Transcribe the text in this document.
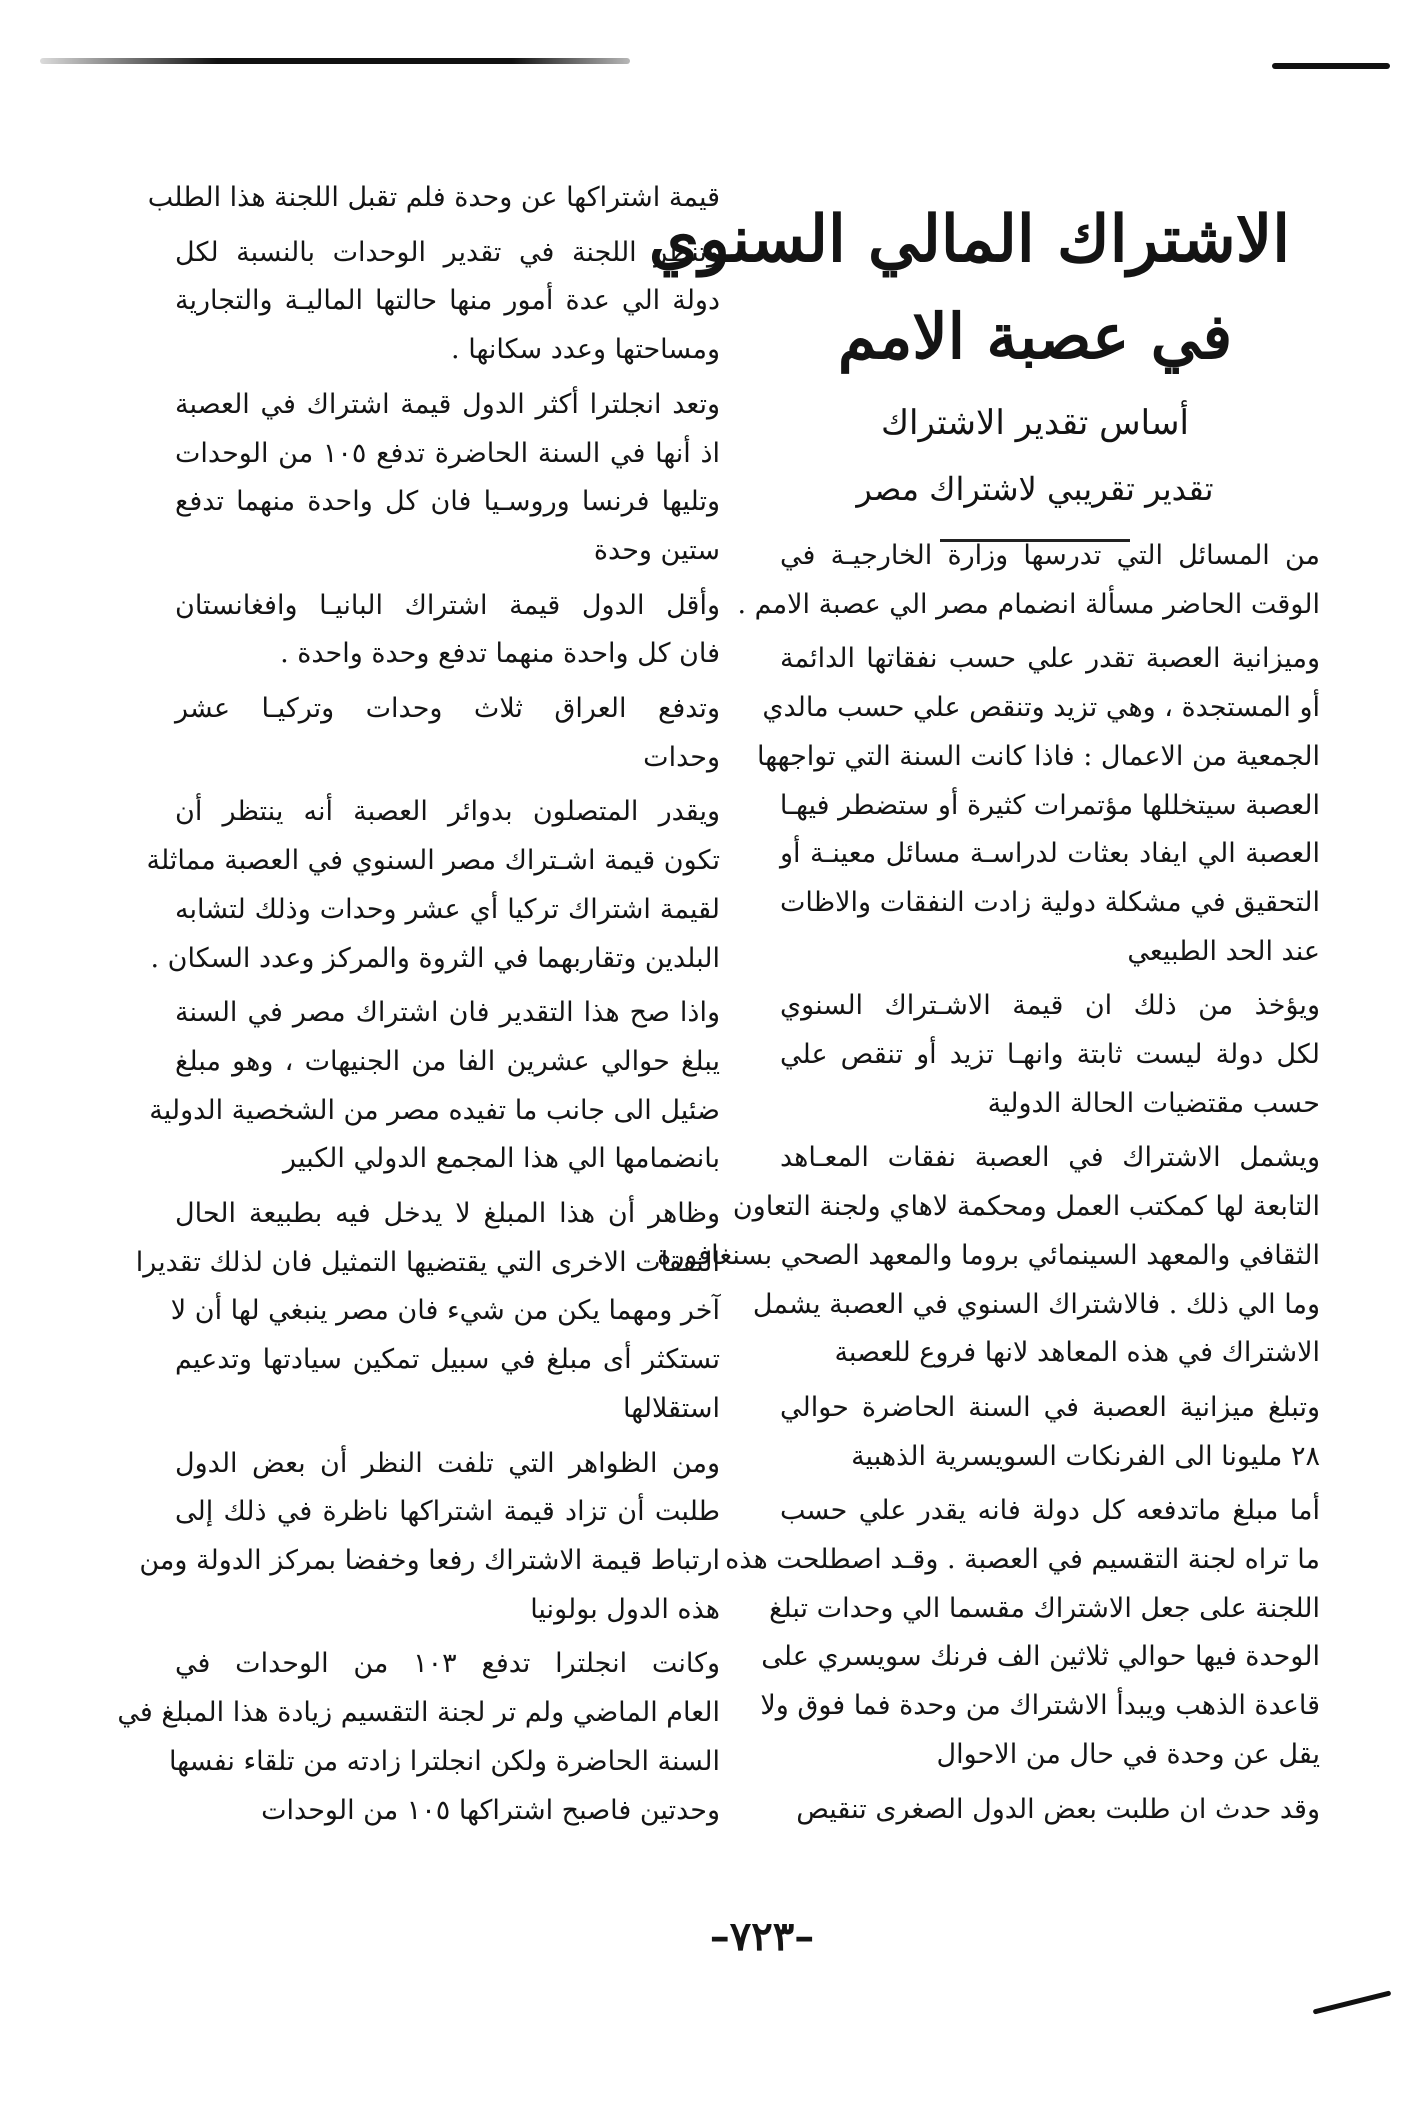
الاشتراك المالي السنوي
في عصبة الامم
أساس تقدير الاشتراك
تقدير تقريبي لاشتراك مصر
من المسائل التي تدرسها وزارة الخارجيـة في
الوقت الحاضر مسألة انضمام مصر الي عصبة الامم .
وميزانية العصبة تقدر علي حسب نفقاتها الدائمة
أو المستجدة ، وهي تزيد وتنقص علي حسب مالدي
الجمعية من الاعمال : فاذا كانت السنة التي تواجهها
العصبة سيتخللها مؤتمرات كثيرة أو ستضطر فيهـا
العصبة الي ايفاد بعثات لدراسـة مسائل معينـة أو
التحقيق في مشكلة دولية زادت النفقات والاظات
عند الحد الطبيعي
ويؤخذ من ذلك ان قيمة الاشـتراك السنوي
لكل دولة ليست ثابتة وانهـا تزيد أو تنقص علي
حسب مقتضيات الحالة الدولية
ويشمل الاشتراك في العصبة نفقات المعـاهد
التابعة لها كمكتب العمل ومحكمة لاهاي ولجنة التعاون
الثقافي والمعهد السينمائي بروما والمعهد الصحي بسنغافورة
وما الي ذلك . فالاشتراك السنوي في العصبة يشمل
الاشتراك في هذه المعاهد لانها فروع للعصبة
وتبلغ ميزانية العصبة في السنة الحاضرة حوالي
٢٨ مليونا الى الفرنكات السويسرية الذهبية
أما مبلغ ماتدفعه كل دولة فانه يقدر علي حسب
ما تراه لجنة التقسيم في العصبة . وقـد اصطلحت هذه
اللجنة على جعل الاشتراك مقسما الي وحدات تبلغ
الوحدة فيها حوالي ثلاثين الف فرنك سويسري على
قاعدة الذهب ويبدأ الاشتراك من وحدة فما فوق ولا
يقل عن وحدة في حال من الاحوال
وقد حدث ان طلبت بعض الدول الصغرى تنقيص
قيمة اشتراكها عن وحدة فلم تقبل اللجنة هذا الطلب
وتنظر اللجنة في تقدير الوحدات بالنسبة لكل
دولة الي عدة أمور منها حالتها الماليـة والتجارية
ومساحتها وعدد سكانها .
وتعد انجلترا أكثر الدول قيمة اشتراك في العصبة
اذ أنها في السنة الحاضرة تدفع ١٠٥ من الوحدات
وتليها فرنسا وروسـيا فان كل واحدة منهما تدفع
ستين وحدة
وأقل الدول قيمة اشتراك البانيـا وافغانستان
فان كل واحدة منهما تدفع وحدة واحدة .
وتدفع العراق ثلاث وحدات وتركيـا عشر
وحدات
ويقدر المتصلون بدوائر العصبة أنه ينتظر أن
تكون قيمة اشـتراك مصر السنوي في العصبة مماثلة
لقيمة اشتراك تركيا أي عشر وحدات وذلك لتشابه
البلدين وتقاربهما في الثروة والمركز وعدد السكان .
واذا صح هذا التقدير فان اشتراك مصر في السنة
يبلغ حوالي عشرين الفا من الجنيهات ، وهو مبلغ
ضئيل الى جانب ما تفيده مصر من الشخصية الدولية
بانضمامها الي هذا المجمع الدولي الكبير
وظاهر أن هذا المبلغ لا يدخل فيه بطبيعة الحال
النفقات الاخرى التي يقتضيها التمثيل فان لذلك تقديرا
آخر ومهما يكن من شيء فان مصر ينبغي لها أن لا
تستكثر أى مبلغ في سبيل تمكين سيادتها وتدعيم
استقلالها
ومن الظواهر التي تلفت النظر أن بعض الدول
طلبت أن تزاد قيمة اشتراكها ناظرة في ذلك إلى
ارتباط قيمة الاشتراك رفعا وخفضا بمركز الدولة ومن
هذه الدول بولونيا
وكانت انجلترا تدفع ١٠٣ من الوحدات في
العام الماضي ولم تر لجنة التقسيم زيادة هذا المبلغ في
السنة الحاضرة ولكن انجلترا زادته من تلقاء نفسها
وحدتين فاصبح اشتراكها ١٠٥ من الوحدات
–٧٢٣–
